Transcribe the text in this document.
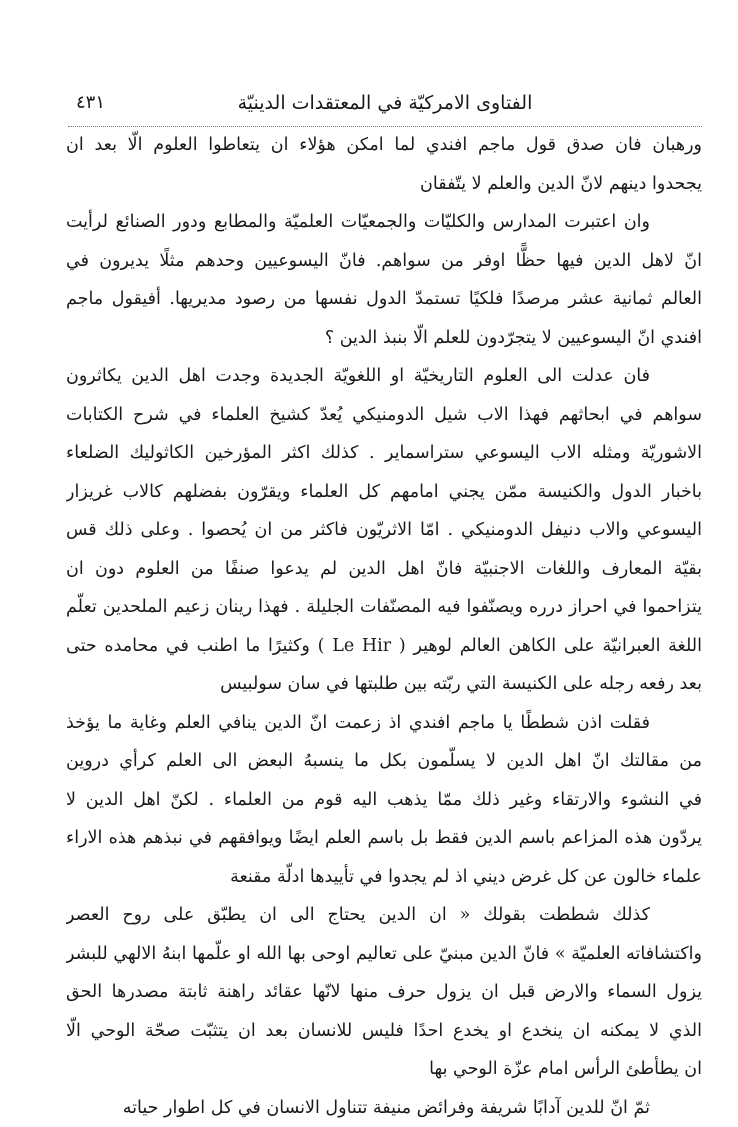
الفتاوى الامركيّة في المعتقدات الدينيّة
٤٣١
ورهبان فان صدق قول ماجم افندي لما امكن هؤلاء ان يتعاطوا العلوم الّا بعد ان
يجحدوا دينهم لانّ الدين والعلم لا يتّفقان
وان اعتبرت المدارس والكليّات والجمعيّات العلميّة والمطابع ودور الصنائع لرأيت
انّ لاهل الدين فيها حظًّا اوفر من سواهم. فانّ اليسوعيين وحدهم مثلًا يديرون في
العالم ثمانية عشر مرصدًا فلكيًا تستمدّ الدول نفسها من رصود مديريها. أفيقول ماجم
افندي انّ اليسوعيين لا يتجرّدون للعلم الّا بنبذ الدين ؟
فان عدلت الى العلوم التاريخيّة او اللغويّة الجديدة وجدت اهل الدين يكاثرون
سواهم في ابحاثهم فهذا الاب شيل الدومنيكي يُعدّ كشيخ العلماء في شرح الكتابات
الاشوريّة ومثله الاب اليسوعي ستراسماير . كذلك اكثر المؤرخين الكاثوليك الضلعاء
باخبار الدول والكنيسة ممّن يجني امامهم كل العلماء ويقرّون بفضلهم كالاب غريزار
اليسوعي والاب دنيفل الدومنيكي . امّا الاثريّون فاكثر من ان يُحصوا . وعلى ذلك قس
بقيّة المعارف واللغات الاجنبيّة فانّ اهل الدين لم يدعوا صنفًا من العلوم دون ان
يتزاحموا في احراز درره ويصنّفوا فيه المصنّفات الجليلة . فهذا رينان زعيم الملحدين تعلّم
اللغة العبرانيّة على الكاهن العالم لوهير ( Le Hir ) وكثيرًا ما اطنب في محامده حتى
بعد رفعه رجله على الكنيسة التي ربّته بين طلبتها في سان سولبيس
فقلت اذن شططًا يا ماجم افندي اذ زعمت انّ الدين ينافي العلم وغاية ما يؤخذ
من مقالتك انّ اهل الدين لا يسلّمون بكل ما ينسبهُ البعض الى العلم كرأي دروين
في النشوء والارتقاء وغير ذلك ممّا يذهب اليه قوم من العلماء . لكنّ اهل الدين لا
يردّون هذه المزاعم باسم الدين فقط بل باسم العلم ايضًا ويوافقهم في نبذهم هذه الاراء
علماء خالون عن كل غرض ديني اذ لم يجدوا في تأييدها ادلّة مقنعة
كذلك شططت بقولك « ان الدين يحتاج الى ان يطبّق على روح العصر
واكتشافاته العلميّة » فانّ الدين مبنيّ على تعاليم اوحى بها الله او علّمها ابنهُ الالهي للبشر
يزول السماء والارض قبل ان يزول حرف منها لانّها عقائد راهنة ثابتة مصدرها الحق
الذي لا يمكنه ان ينخدع او يخدع احدًا فليس للانسان بعد ان يتثبّت صحّة الوحي الّا
ان يطأطئ الرأس امام عزّة الوحي بها
ثمّ انّ للدين آدابًا شريفة وفرائض منيفة تتناول الانسان في كل اطوار حياته
